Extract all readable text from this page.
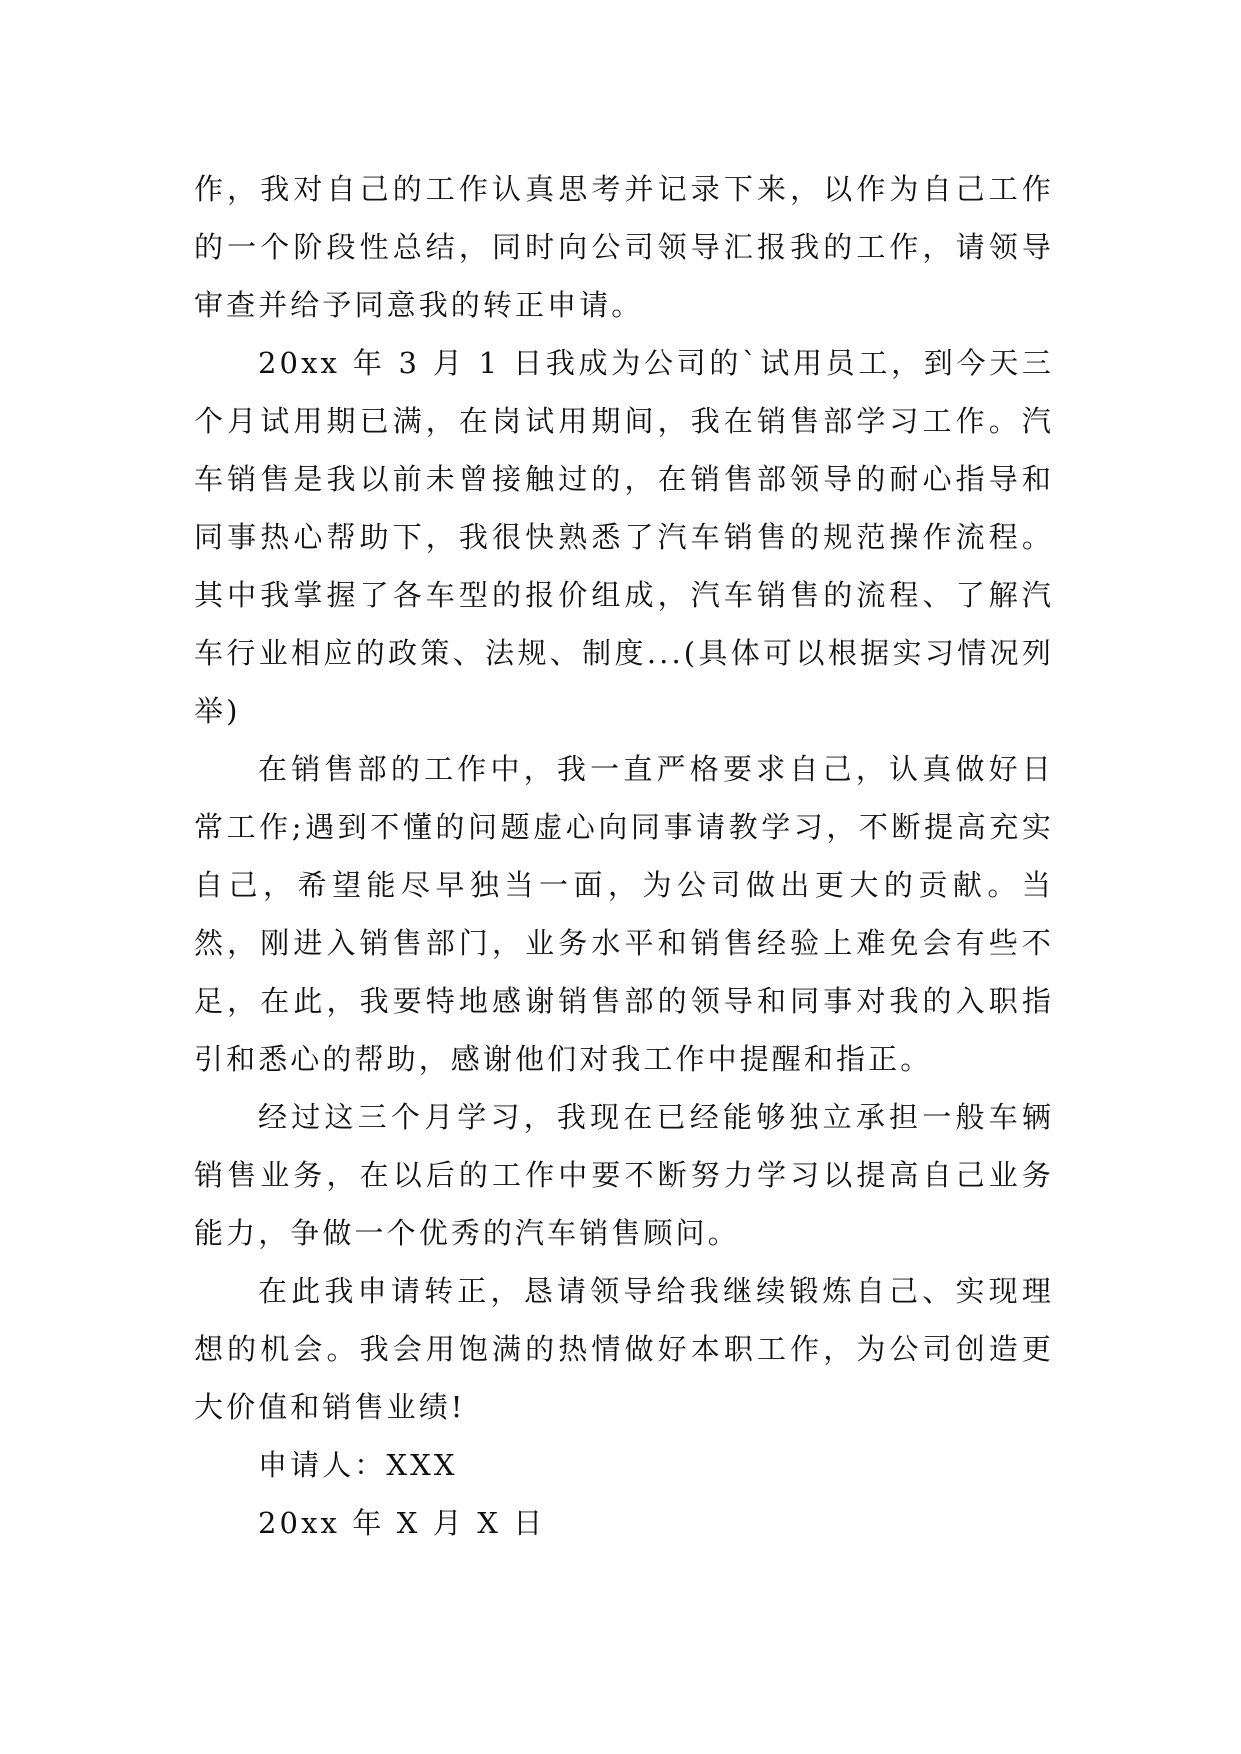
作，我对自己的工作认真思考并记录下来，以作为自己工作的一个阶段性总结，同时向公司领导汇报我的工作，请领导审查并给予同意我的转正申请。

20xx 年 3 月 1 日我成为公司的`试用员工，到今天三个月试用期已满，在岗试用期间，我在销售部学习工作。汽车销售是我以前未曾接触过的，在销售部领导的耐心指导和同事热心帮助下，我很快熟悉了汽车销售的规范操作流程。其中我掌握了各车型的报价组成，汽车销售的流程、了解汽车行业相应的政策、法规、制度...(具体可以根据实习情况列举)

在销售部的工作中，我一直严格要求自己，认真做好日常工作;遇到不懂的问题虚心向同事请教学习，不断提高充实自己，希望能尽早独当一面，为公司做出更大的贡献。当然，刚进入销售部门，业务水平和销售经验上难免会有些不足，在此，我要特地感谢销售部的领导和同事对我的入职指引和悉心的帮助，感谢他们对我工作中提醒和指正。

经过这三个月学习，我现在已经能够独立承担一般车辆销售业务，在以后的工作中要不断努力学习以提高自己业务能力，争做一个优秀的汽车销售顾问。

在此我申请转正，恳请领导给我继续锻炼自己、实现理想的机会。我会用饱满的热情做好本职工作，为公司创造更大价值和销售业绩!

申请人：XXX

20xx 年 X 月 X 日
